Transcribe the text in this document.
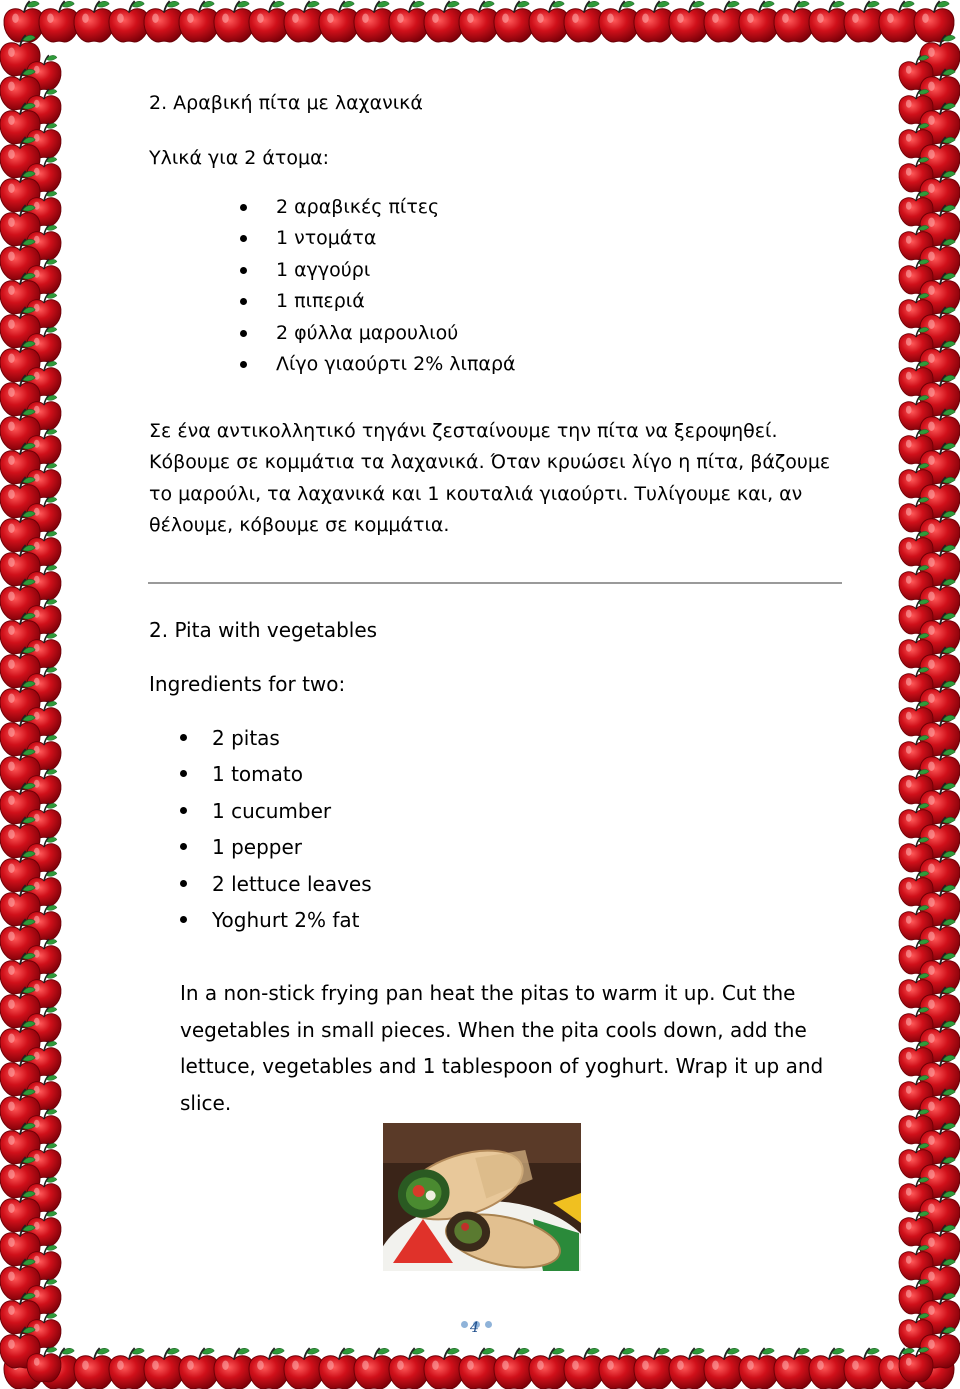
2. Αραβική πίτα με λαχανικά

Υλικά για 2 άτομα:

2 αραβικές πίτες
1 ντομάτα
1 αγγούρι
1 πιπεριά
2 φύλλα μαρουλιού
Λίγο γιαούρτι 2% λιπαρά

Σε ένα αντικολλητικό τηγάνι ζεσταίνουμε την πίτα να ξεροψηθεί. Κόβουμε σε κομμάτια τα λαχανικά. Όταν κρυώσει λίγο η πίτα, βάζουμε το μαρούλι, τα λαχανικά και 1 κουταλιά γιαούρτι. Τυλίγουμε και, αν θέλουμε, κόβουμε σε κομμάτια.

2. Pita with vegetables

Ingredients for two:

2 pitas
1 tomato
1 cucumber
1 pepper
2 lettuce leaves
Yoghurt 2% fat

In a non-stick frying pan heat the pitas to warm it up. Cut the vegetables in small pieces. When the pita cools down, add the lettuce, vegetables and 1 tablespoon of yoghurt. Wrap it up and slice.

4
